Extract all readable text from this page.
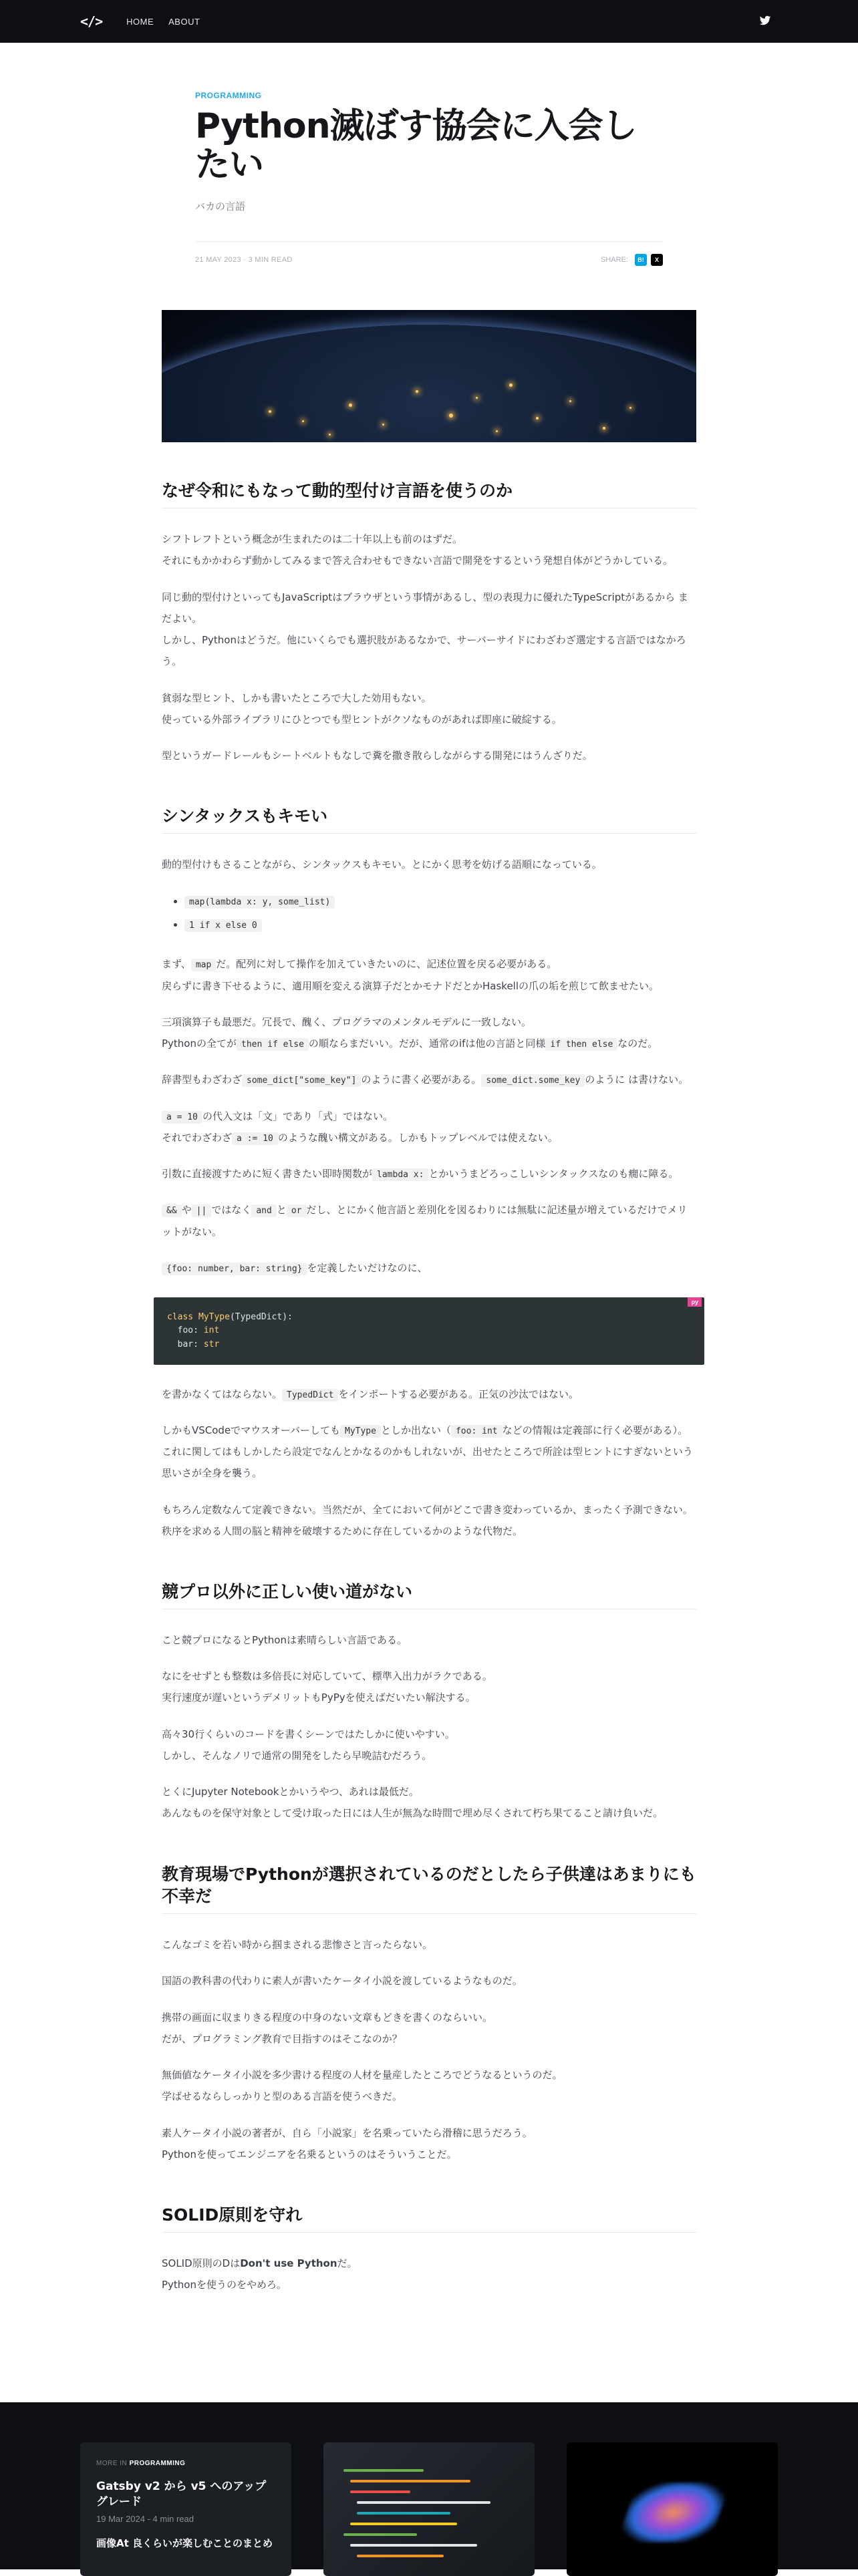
</>	HOME ABOUT
PROGRAMMING
Python滅ぼす協会に入会したい
バカの言語
21 MAY 2023 · 3 MIN READ	SHARE:	B!	X
なぜ令和にもなって動的型付け言語を使うのか

シフトレフトという概念が生まれたのは二十年以上も前のはずだ。
それにもかかわらず動かしてみるまで答え合わせもできない言語で開発をするという発想自体がどうかしている。

同じ動的型付けといってもJavaScriptはブラウザという事情があるし、型の表現力に優れたTypeScriptがあるから まだよい。
しかし、Pythonはどうだ。他にいくらでも選択肢があるなかで、サーバーサイドにわざわざ選定する言語ではなかろう。

貧弱な型ヒント、しかも書いたところで大した効用もない。
使っている外部ライブラリにひとつでも型ヒントがクソなものがあれば即座に破綻する。

型というガードレールもシートベルトもなしで糞を撒き散らしながらする開発にはうんざりだ。

シンタックスもキモい

動的型付けもさることながら、シンタックスもキモい。とにかく思考を妨げる語順になっている。

• map(lambda x: y, some_list)
• 1 if x else 0

まず、 map だ。配列に対して操作を加えていきたいのに、記述位置を戻る必要がある。
戻らずに書き下せるように、適用順を変える演算子だとかモナドだとかHaskellの爪の垢を煎じて飲ませたい。

三項演算子も最悪だ。冗長で、醜く、プログラマのメンタルモデルに一致しない。
Pythonの全てが then if else の順ならまだいい。だが、通常のifは他の言語と同様 if then else なのだ。

辞書型もわざわざ some_dict["some_key"] のように書く必要がある。 some_dict.some_key のように は書けない。

a = 10 の代入文は「文」であり「式」ではない。
それでわざわざ a := 10 のような醜い構文がある。しかもトップレベルでは使えない。

引数に直接渡すために短く書きたい即時関数が lambda x: とかいうまどろっこしいシンタックスなのも癇に障る。

&& や || ではなく and と or だし、とにかく他言語と差別化を図るわりには無駄に記述量が増えているだけでメリットがない。

{foo: number, bar: string} を定義したいだけなのに、

py
class MyType(TypedDict):
foo: int
bar: str

を書かなくてはならない。 TypedDict をインポートする必要がある。正気の沙汰ではない。

しかもVSCodeでマウスオーバーしても MyType としか出ない（ foo: int などの情報は定義部に行く必要がある）。
これに関してはもしかしたら設定でなんとかなるのかもしれないが、出せたところで所詮は型ヒントにすぎないという思いさが全身を襲う。

もちろん定数なんて定義できない。当然だが、全てにおいて何がどこで書き変わっているか、まったく予測できない。秩序を求める人間の脳と精神を破壊するために存在しているかのような代物だ。

競プロ以外に正しい使い道がない

こと競プロになるとPythonは素晴らしい言語である。

なにをせずとも整数は多倍長に対応していて、標準入出力がラクである。
実行速度が遅いというデメリットもPyPyを使えばだいたい解決する。

高々30行くらいのコードを書くシーンではたしかに使いやすい。
しかし、そんなノリで通常の開発をしたら早晩詰むだろう。

とくにJupyter Notebookとかいうやつ、あれは最低だ。
あんなものを保守対象として受け取った日には人生が無為な時間で埋め尽くされて朽ち果てること請け負いだ。

教育現場でPythonが選択されているのだとしたら子供達はあまりにも不幸だ

こんなゴミを若い時から掴まされる悲惨さと言ったらない。

国語の教科書の代わりに素人が書いたケータイ小説を渡しているようなものだ。

携帯の画面に収まりきる程度の中身のない文章もどきを書くのならいい。
だが、プログラミング教育で目指すのはそこなのか？

無価値なケータイ小説を多少書ける程度の人材を量産したところでどうなるというのだ。
学ばせるならしっかりと型のある言語を使うべきだ。

素人ケータイ小説の著者が、自ら「小説家」を名乗っていたら滑稽に思うだろう。
Pythonを使ってエンジニアを名乗るというのはそういうことだ。

SOLID原則を守れ

SOLID原則のDはDon't use Pythonだ。
Pythonを使うのをやめろ。

MORE IN PROGRAMMING
Gatsby v2 から v5 へのアップグレード
19 Mar 2024 - 4 min read
画像At 良くらいが楽しむことのまとめ
